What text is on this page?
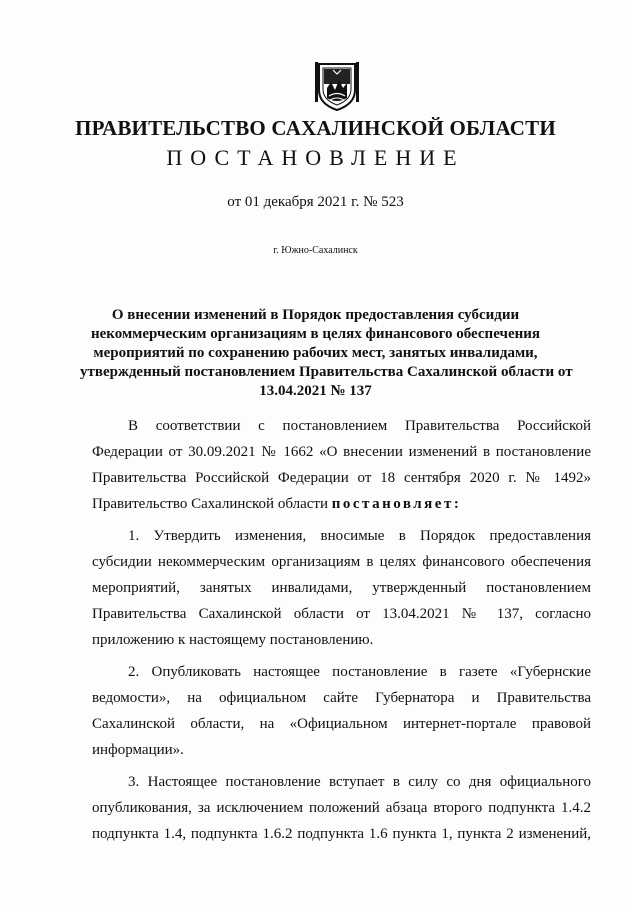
ПРАВИТЕЛЬСТВО САХАЛИНСКОЙ ОБЛАСТИ
ПОСТАНОВЛЕНИЕ
от 01 декабря 2021 г. № 523
г. Южно-Сахалинск
О внесении изменений в Порядок предоставления субсидии
некоммерческим организациям в целях финансового обеспечения
мероприятий по сохранению рабочих мест, занятых инвалидами,
утвержденный постановлением Правительства Сахалинской области от
13.04.2021 № 137
В соответствии с постановлением Правительства Российской
Федерации от 30.09.2021 № 1662 «О внесении изменений в постановление
Правительства Российской Федерации от 18 сентября 2020 г. № 1492»
Правительство Сахалинской области постановляет:
1. Утвердить изменения, вносимые в Порядок предоставления
субсидии некоммерческим организациям в целях финансового обеспечения
мероприятий, занятых инвалидами, утвержденный постановлением
Правительства Сахалинской области от 13.04.2021 № 137, согласно
приложению к настоящему постановлению.
2. Опубликовать настоящее постановление в газете «Губернские
ведомости», на официальном сайте Губернатора и Правительства
Сахалинской области, на «Официальном интернет-портале правовой
информации».
3. Настоящее постановление вступает в силу со дня официального
опубликования, за исключением положений абзаца второго подпункта 1.4.2
подпункта 1.4, подпункта 1.6.2 подпункта 1.6 пункта 1, пункта 2 изменений,
